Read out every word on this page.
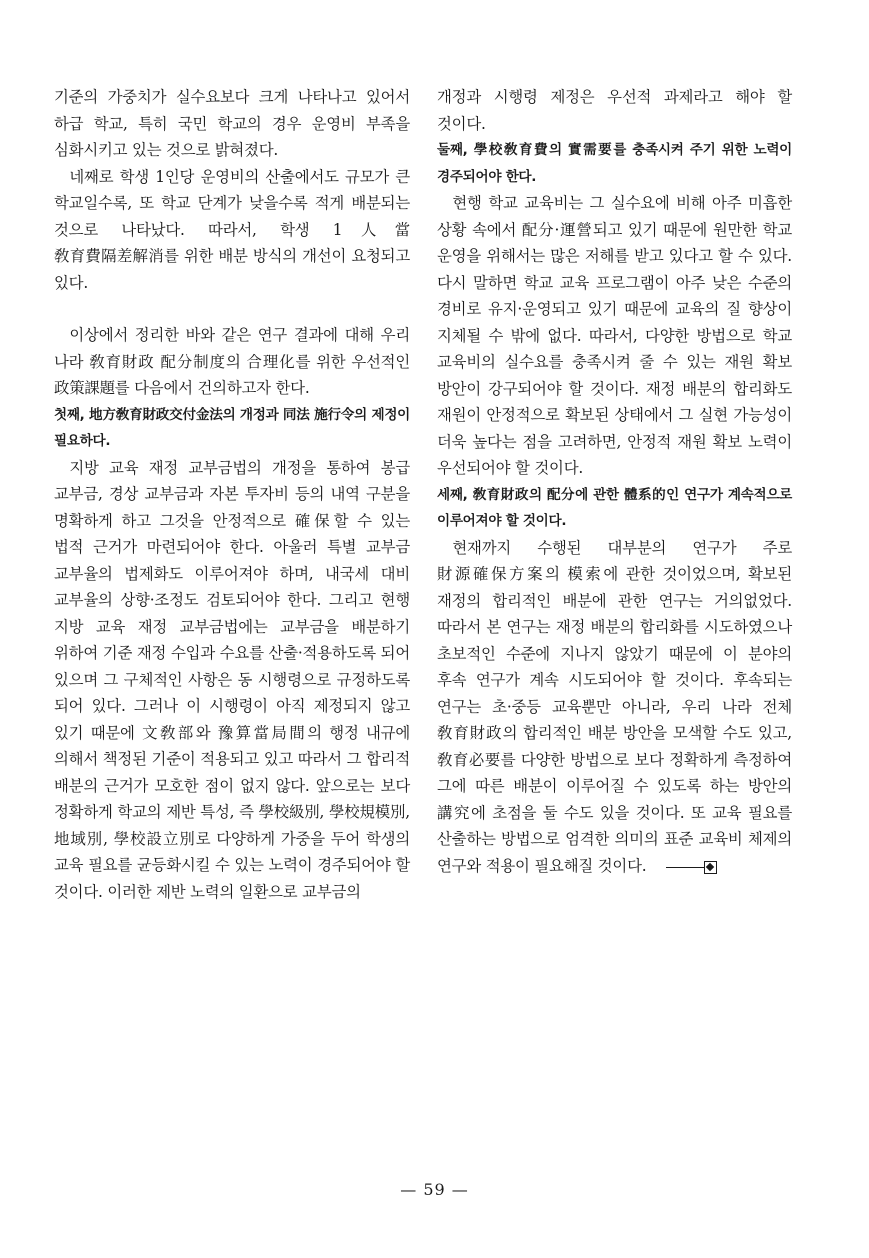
기준의 가중치가 실수요보다 크게 나타나고 있어서 하급 학교, 특히 국민 학교의 경우 운영비 부족을 심화시키고 있는 것으로 밝혀졌다.

네째로 학생 1인당 운영비의 산출에서도 규모가 큰 학교일수록, 또 학교 단계가 낮을수록 적게 배분되는 것으로 나타났다. 따라서, 학생 1人當 敎育費隔差解消를 위한 배분 방식의 개선이 요청되고 있다.

이상에서 정리한 바와 같은 연구 결과에 대해 우리 나라 敎育財政 配分制度의 合理化를 위한 우선적인 政策課題를 다음에서 건의하고자 한다.

첫째, 地方敎育財政交付金法의 개정과 同法 施行令의 제정이 필요하다.

지방 교육 재정 교부금법의 개정을 통하여 봉급 교부금, 경상 교부금과 자본 투자비 등의 내역 구분을 명확하게 하고 그것을 안정적으로 確保할 수 있는 법적 근거가 마련되어야 한다. 아울러 특별 교부금 교부율의 법제화도 이루어져야 하며, 내국세 대비 교부율의 상향·조정도 검토되어야 한다. 그리고 현행 지방 교육 재정 교부금법에는 교부금을 배분하기 위하여 기준 재정 수입과 수요를 산출·적용하도록 되어 있으며 그 구체적인 사항은 동 시행령으로 규정하도록 되어 있다. 그러나 이 시행령이 아직 제정되지 않고 있기 때문에 文敎部와 豫算當局間의 행정 내규에 의해서 책정된 기준이 적용되고 있고 따라서 그 합리적 배분의 근거가 모호한 점이 없지 않다. 앞으로는 보다 정확하게 학교의 제반 특성, 즉 學校級別, 學校規模別, 地域別, 學校設立別로 다양하게 가중을 두어 학생의 교육 필요를 균등화시킬 수 있는 노력이 경주되어야 할 것이다. 이러한 제반 노력의 일환으로 교부금의

개정과 시행령 제정은 우선적 과제라고 해야 할 것이다.

둘째, 學校敎育費의 實需要를 충족시켜 주기 위한 노력이 경주되어야 한다.

현행 학교 교육비는 그 실수요에 비해 아주 미흡한 상황 속에서 配分·運營되고 있기 때문에 원만한 학교 운영을 위해서는 많은 저해를 받고 있다고 할 수 있다. 다시 말하면 학교 교육 프로그램이 아주 낮은 수준의 경비로 유지·운영되고 있기 때문에 교육의 질 향상이 지체될 수 밖에 없다. 따라서, 다양한 방법으로 학교 교육비의 실수요를 충족시켜 줄 수 있는 재원 확보 방안이 강구되어야 할 것이다. 재정 배분의 합리화도 재원이 안정적으로 확보된 상태에서 그 실현 가능성이 더욱 높다는 점을 고려하면, 안정적 재원 확보 노력이 우선되어야 할 것이다.

세째, 敎育財政의 配分에 관한 體系的인 연구가 계속적으로 이루어져야 할 것이다.

현재까지 수행된 대부분의 연구가 주로 財源確保方案의 模索에 관한 것이었으며, 확보된 재정의 합리적인 배분에 관한 연구는 거의없었다. 따라서 본 연구는 재정 배분의 합리화를 시도하였으나 초보적인 수준에 지나지 않았기 때문에 이 분야의 후속 연구가 계속 시도되어야 할 것이다. 후속되는 연구는 초·중등 교육뿐만 아니라, 우리 나라 전체 敎育財政의 합리적인 배분 방안을 모색할 수도 있고, 敎育必要를 다양한 방법으로 보다 정확하게 측정하여 그에 따른 배분이 이루어질 수 있도록 하는 방안의 講究에 초점을 둘 수도 있을 것이다. 또 교육 필요를 산출하는 방법으로 엄격한 의미의 표준 교육비 체제의 연구와 적용이 필요해질 것이다.

— 59 —
